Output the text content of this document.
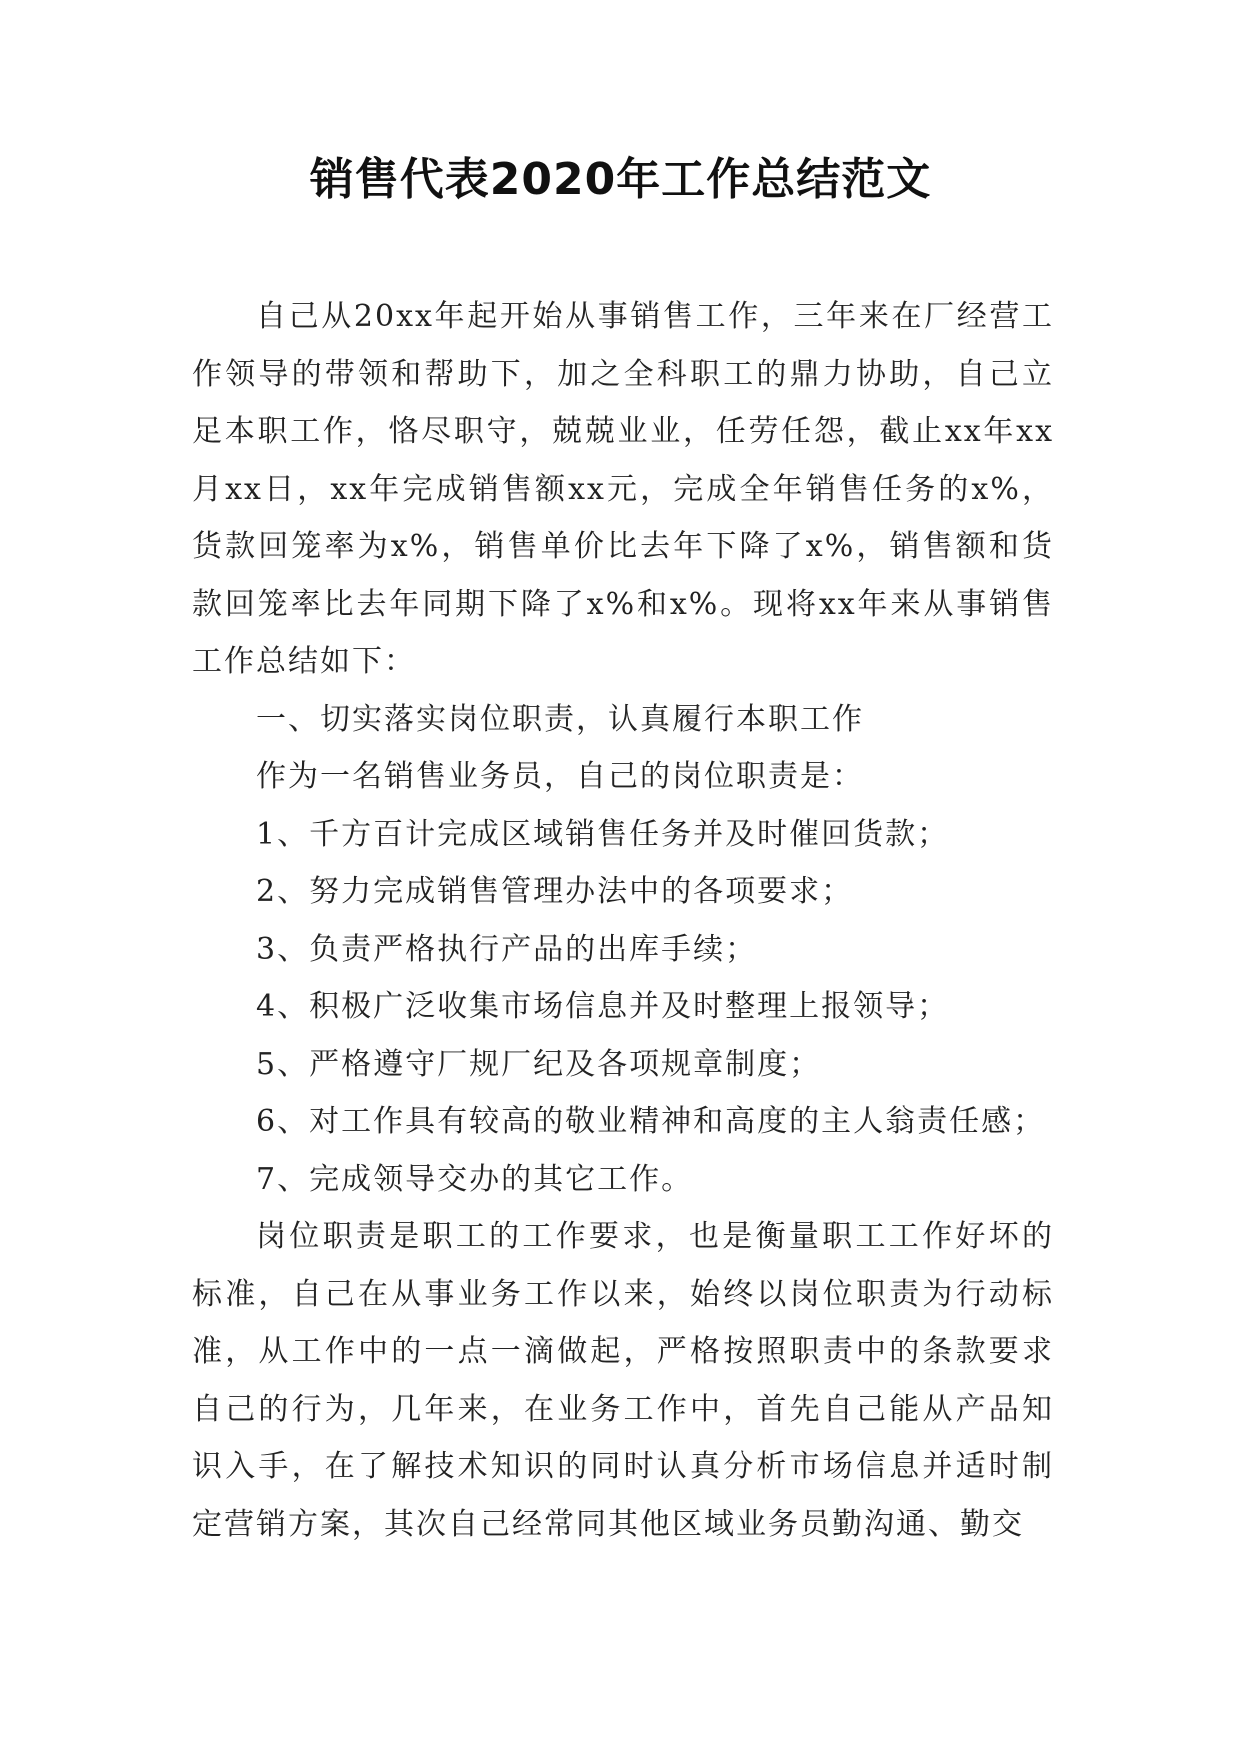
销售代表2020年工作总结范文

自己从20xx年起开始从事销售工作，三年来在厂经营工作领导的带领和帮助下，加之全科职工的鼎力协助，自己立足本职工作，恪尽职守，兢兢业业，任劳任怨，截止xx年xx月xx日，xx年完成销售额xx元，完成全年销售任务的x%，货款回笼率为x%，销售单价比去年下降了x%，销售额和货款回笼率比去年同期下降了x%和x%。现将xx年来从事销售工作总结如下：

一、切实落实岗位职责，认真履行本职工作

作为一名销售业务员，自己的岗位职责是：

1、千方百计完成区域销售任务并及时催回货款；

2、努力完成销售管理办法中的各项要求；

3、负责严格执行产品的出库手续；

4、积极广泛收集市场信息并及时整理上报领导；

5、严格遵守厂规厂纪及各项规章制度；

6、对工作具有较高的敬业精神和高度的主人翁责任感；

7、完成领导交办的其它工作。

岗位职责是职工的工作要求，也是衡量职工工作好坏的标准，自己在从事业务工作以来，始终以岗位职责为行动标准，从工作中的一点一滴做起，严格按照职责中的条款要求自己的行为，几年来，在业务工作中，首先自己能从产品知识入手，在了解技术知识的同时认真分析市场信息并适时制定营销方案，其次自己经常同其他区域业务员勤沟通、勤交
